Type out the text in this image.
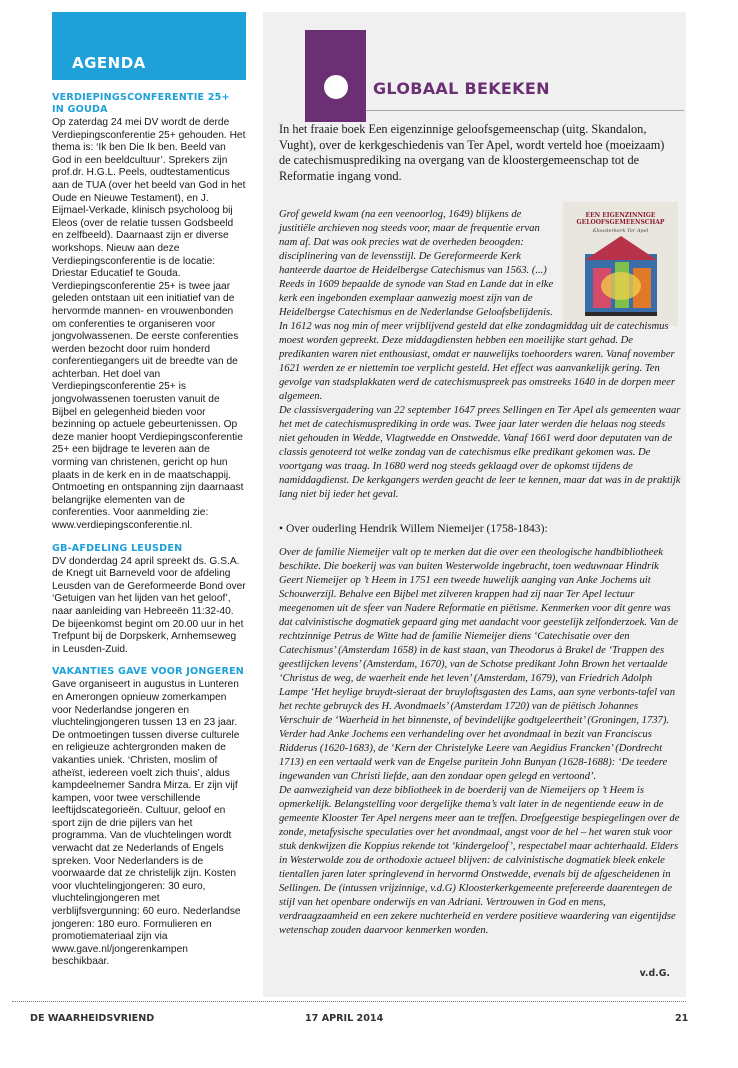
AGENDA
VERDIEPINGSCONFERENTIE 25+
IN GOUDA

Op zaterdag 24 mei DV wordt de derde Verdiepingsconferentie 25+ gehouden. Het thema is: ‘Ik ben Die Ik ben. Beeld van God in een beeldcultuur’. Sprekers zijn prof.dr. H.G.L. Peels, oudtestamenticus aan de TUA (over het beeld van God in het Oude en Nieuwe Testament), en J. Eijmael-Verkade, klinisch psycholoog bij Eleos (over de relatie tussen Godsbeeld en zelfbeeld). Daarnaast zijn er diverse workshops. Nieuw aan deze Verdiepingsconferentie is de locatie: Driestar Educatief te Gouda.

Verdiepingsconferentie 25+ is twee jaar geleden ontstaan uit een initiatief van de hervormde mannen- en vrouwenbonden om conferenties te organiseren voor jongvolwassenen. De eerste conferenties werden bezocht door ruim honderd conferentiegangers uit de breedte van de achterban. Het doel van Verdiepingsconferentie 25+ is jongvolwassenen toerusten vanuit de Bijbel en gelegenheid bieden voor bezinning op actuele gebeurtenissen. Op deze manier hoopt Verdiepingsconferentie 25+ een bijdrage te leveren aan de vorming van christenen, gericht op hun plaats in de kerk en in de maatschappij. Ontmoeting en ontspanning zijn daarnaast belangrijke elementen van de conferenties. Voor aanmelding zie: www.verdiepingsconferentie.nl.

GB-AFDELING LEUSDEN

DV donderdag 24 april spreekt ds. G.S.A. de Knegt uit Barneveld voor de afdeling Leusden van de Gereformeerde Bond over ‘Getuigen van het lijden van het geloof’, naar aanleiding van Hebreeën 11:32-40. De bijeenkomst begint om 20.00 uur in het Trefpunt bij de Dorpskerk, Arnhemseweg in Leusden-Zuid.

VAKANTIES GAVE VOOR JONGEREN

Gave organiseert in augustus in Lunteren en Amerongen opnieuw zomerkampen voor Nederlandse jongeren en vluchtelingjongeren tussen 13 en 23 jaar. De ontmoetingen tussen diverse culturele en religieuze achtergronden maken de vakanties uniek. ‘Christen, moslim of atheïst, iedereen voelt zich thuis’, aldus kampdeelnemer Sandra Mirza. Er zijn vijf kampen, voor twee verschillende leeftijdscategorieën. Cultuur, geloof en sport zijn de drie pijlers van het programma. Van de vluchtelingen wordt verwacht dat ze Nederlands of Engels spreken. Voor Nederlanders is de voorwaarde dat ze christelijk zijn. Kosten voor vluchtelingjongeren: 30 euro, vluchtelingjongeren met verblijfsvergunning: 60 euro. Nederlandse jongeren: 180 euro. Formulieren en promotiemateriaal zijn via www.gave.nl/jongerenkampen beschikbaar.

GLOBAAL BEKEKEN

In het fraaie boek Een eigenzinnige geloofsgemeenschap (uitg. Skandalon, Vught), over de kerkgeschiedenis van Ter Apel, wordt verteld hoe (moeizaam) de catechismusprediking na overgang van de kloostergemeenschap tot de Reformatie ingang vond.

EEN EIGENZINNIGE GELOOFSGEMEENSCHAP
Kloosterkerk Ter Apel

Grof geweld kwam (na een veenoorlog, 1649) blijkens de justitiële archieven nog steeds voor, maar de frequentie ervan nam af. Dat was ook precies wat de overheden beoogden: disciplinering van de levensstijl. De Gereformeerde Kerk hanteerde daartoe de Heidelbergse Catechismus van 1563. (...) Reeds in 1609 bepaalde de synode van Stad en Lande dat in elke kerk een ingebonden exemplaar aanwezig moest zijn van de Heidelbergse Catechismus en de Nederlandse Geloofsbelijdenis.

In 1612 was nog min of meer vrijblijvend gesteld dat elke zondagmiddag uit de catechismus moest worden gepreekt. Deze middagdiensten hebben een moeilijke start gehad. De predikanten waren niet enthousiast, omdat er nauwelijks toehoorders waren. Vanaf november 1621 werden ze er niettemin toe verplicht gesteld. Het effect was aanvankelijk gering. Ten gevolge van stadsplakkaten werd de catechismuspreek pas omstreeks 1640 in de dorpen meer algemeen.

De classisvergadering van 22 september 1647 prees Sellingen en Ter Apel als gemeenten waar het met de catechismusprediking in orde was. Twee jaar later werden die helaas nog steeds niet gehouden in Wedde, Vlagtwedde en Onstwedde. Vanaf 1661 werd door deputaten van de classis genoteerd tot welke zondag van de catechismus elke predikant gekomen was. De voortgang was traag. In 1680 werd nog steeds geklaagd over de opkomst tijdens de namiddagdienst. De kerkgangers werden geacht de leer te kennen, maar dat was in de praktijk lang niet bij ieder het geval.

• Over ouderling Hendrik Willem Niemeijer (1758-1843):

Over de familie Niemeijer valt op te merken dat die over een theologische handbibliotheek beschikte. Die boekerij was van buiten Westerwolde ingebracht, toen weduwnaar Hindrik Geert Niemeijer op ’t Heem in 1751 een tweede huwelijk aanging van Anke Jochems uit Schouwerzijl. Behalve een Bijbel met zilveren krappen had zij naar Ter Apel lectuur meegenomen uit de sfeer van Nadere Reformatie en piëtisme. Kenmerken voor dit genre was dat calvinistische dogmatiek gepaard ging met aandacht voor geestelijk zelfonderzoek. Van de rechtzinnige Petrus de Witte had de familie Niemeijer diens ‘Catechisatie over den Catechismus’ (Amsterdam 1658) in de kast staan, van Theodorus à Brakel de ‘Trappen des geestlijcken levens’ (Amsterdam, 1670), van de Schotse predikant John Brown het vertaalde ‘Christus de weg, de waerheit ende het leven’ (Amsterdam, 1679), van Friedrich Adolph Lampe ‘Het heylige bruydt-sieraat der bruyloftsgasten des Lams, aan syne verbonts-tafel van het rechte gebruyck des H. Avondmaels’ (Amsterdam 1720) van de piëtisch Johannes Verschuir de ‘Waerheid in het binnenste, of bevindelijke godtgeleertheit’ (Groningen, 1737). Verder had Anke Jochems een verhandeling over het avondmaal in bezit van Franciscus Ridderus (1620-1683), de ‘Kern der Christelyke Leere van Aegidius Francken’ (Dordrecht 1713) en een vertaald werk van de Engelse puritein John Bunyan (1628-1688): ‘De teedere ingewanden van Christi liefde, aan den zondaar open gelegd en vertoond’.

De aanwezigheid van deze bibliotheek in de boerderij van de Niemeijers op ’t Heem is opmerkelijk. Belangstelling voor dergelijke thema’s valt later in de negentiende eeuw in de gemeente Klooster Ter Apel nergens meer aan te treffen. Droefgeestige bespiegelingen over de zonde, metafysische speculaties over het avondmaal, angst voor de hel – het waren stuk voor stuk denkwijzen die Koppius rekende tot ‘kindergeloof’, respectabel maar achterhaald. Elders in Westerwolde zou de orthodoxie actueel blijven: de calvinistische dogmatiek bleek enkele tientallen jaren later springlevend in hervormd Onstwedde, evenals bij de afgescheidenen in Sellingen. De (intussen vrijzinnige, v.d.G) Kloosterkerkgemeente prefereerde daarentegen de stijl van het openbare onderwijs en van Adriani. Vertrouwen in God en mens, verdraagzaamheid en een zekere nuchterheid en verdere positieve waardering van eigentijdse wetenschap zouden daarvoor kenmerken worden.

v.d.G.
DE WAARHEIDSVRIEND	17 APRIL 2014	21
